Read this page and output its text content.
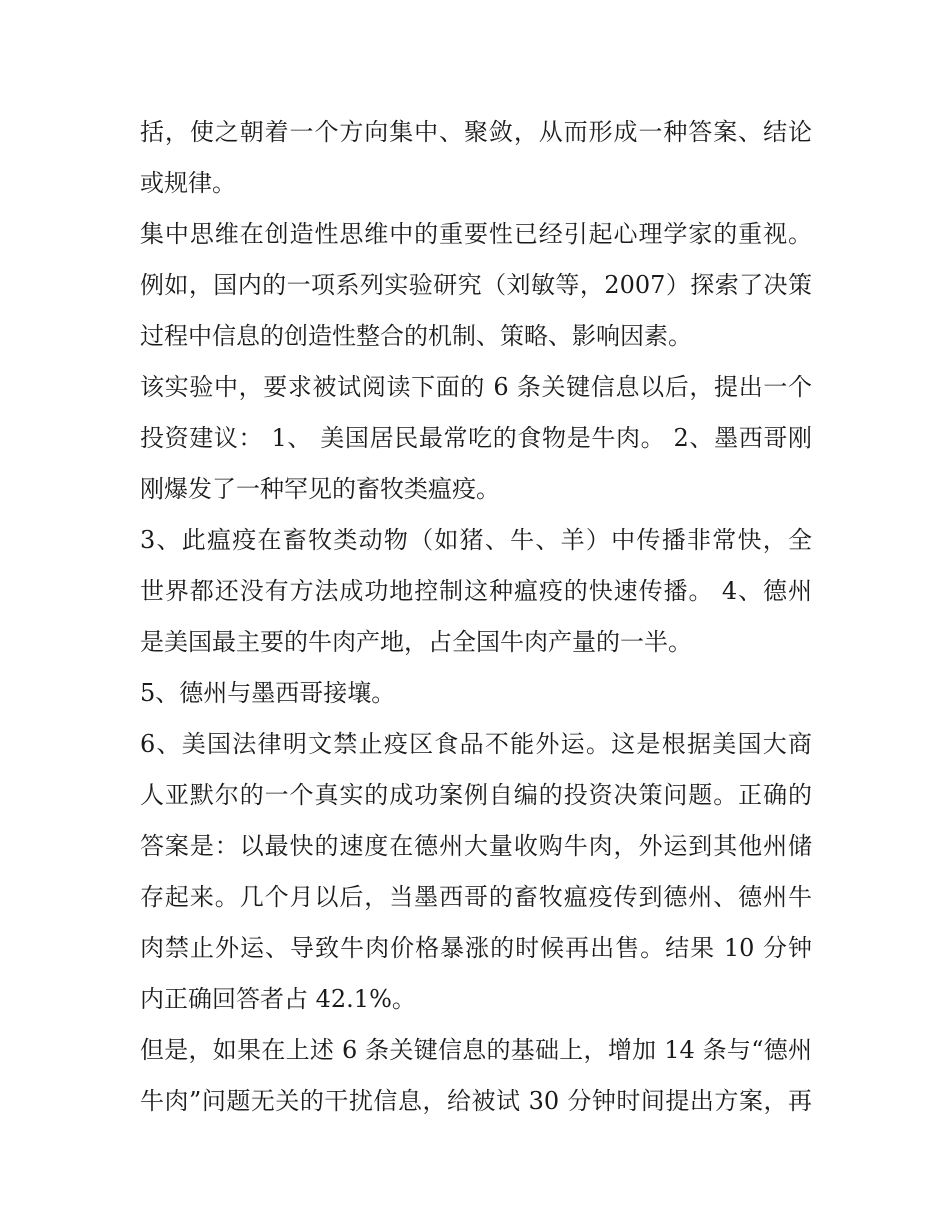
括，使之朝着一个方向集中、聚敛，从而形成一种答案、结论
或规律。
集中思维在创造性思维中的重要性已经引起心理学家的重视。
例如，国内的一项系列实验研究（刘敏等，2007）探索了决策
过程中信息的创造性整合的机制、策略、影响因素。
该实验中，要求被试阅读下面的 6 条关键信息以后，提出一个
投资建议： 1、 美国居民最常吃的食物是牛肉。 2、墨西哥刚
刚爆发了一种罕见的畜牧类瘟疫。
3、此瘟疫在畜牧类动物（如猪、牛、羊）中传播非常快，全
世界都还没有方法成功地控制这种瘟疫的快速传播。 4、德州
是美国最主要的牛肉产地，占全国牛肉产量的一半。
5、德州与墨西哥接壤。
6、美国法律明文禁止疫区食品不能外运。这是根据美国大商
人亚默尔的一个真实的成功案例自编的投资决策问题。正确的
答案是：以最快的速度在德州大量收购牛肉，外运到其他州储
存起来。几个月以后，当墨西哥的畜牧瘟疫传到德州、德州牛
肉禁止外运、导致牛肉价格暴涨的时候再出售。结果 10 分钟
内正确回答者占 42.1%。
但是，如果在上述 6 条关键信息的基础上，增加 14 条与“德州
牛肉”问题无关的干扰信息，给被试 30 分钟时间提出方案，再
